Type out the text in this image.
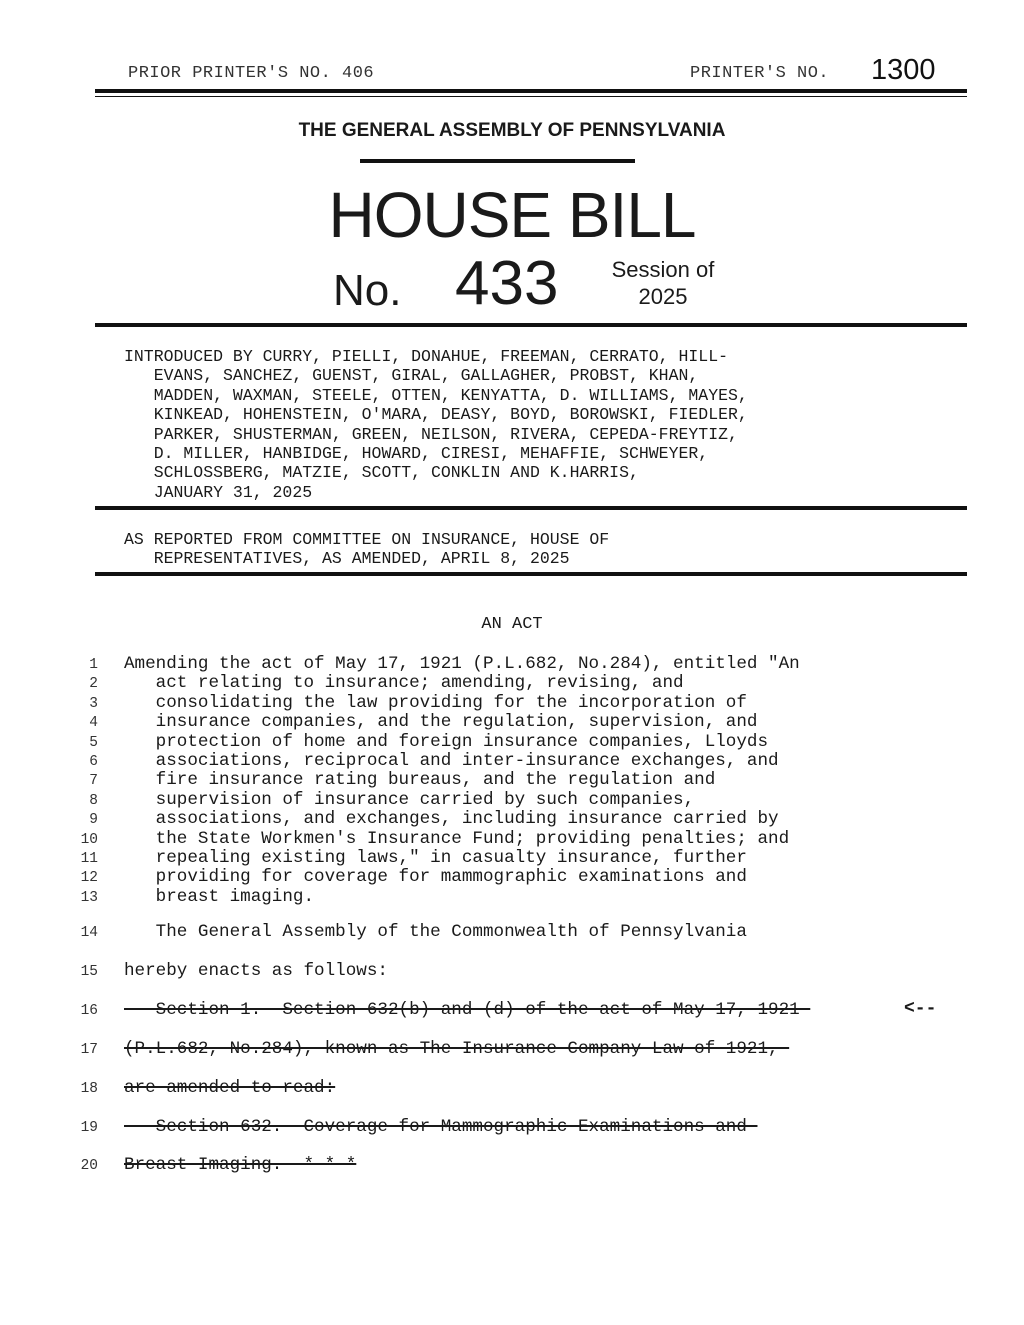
PRIOR PRINTER'S NO. 406	PRINTER'S NO. 1300
THE GENERAL ASSEMBLY OF PENNSYLVANIA
HOUSE BILL
No. 433 Session of
2025
INTRODUCED BY CURRY, PIELLI, DONAHUE, FREEMAN, CERRATO, HILL-
EVANS, SANCHEZ, GUENST, GIRAL, GALLAGHER, PROBST, KHAN,
MADDEN, WAXMAN, STEELE, OTTEN, KENYATTA, D. WILLIAMS, MAYES,
KINKEAD, HOHENSTEIN, O'MARA, DEASY, BOYD, BOROWSKI, FIEDLER,
PARKER, SHUSTERMAN, GREEN, NEILSON, RIVERA, CEPEDA-FREYTIZ,
D. MILLER, HANBIDGE, HOWARD, CIRESI, MEHAFFIE, SCHWEYER,
SCHLOSSBERG, MATZIE, SCOTT, CONKLIN AND K.HARRIS,
JANUARY 31, 2025
AS REPORTED FROM COMMITTEE ON INSURANCE, HOUSE OF
REPRESENTATIVES, AS AMENDED, APRIL 8, 2025
AN ACT
1 Amending the act of May 17, 1921 (P.L.682, No.284), entitled "An
2 act relating to insurance; amending, revising, and
3 consolidating the law providing for the incorporation of
4 insurance companies, and the regulation, supervision, and
5 protection of home and foreign insurance companies, Lloyds
6 associations, reciprocal and inter-insurance exchanges, and
7 fire insurance rating bureaus, and the regulation and
8 supervision of insurance carried by such companies,
9 associations, and exchanges, including insurance carried by
10 the State Workmen's Insurance Fund; providing penalties; and
11 repealing existing laws," in casualty insurance, further
12 providing for coverage for mammographic examinations and
13 breast imaging.
14 The General Assembly of the Commonwealth of Pennsylvania
15 hereby enacts as follows:
16 Section 1.  Section 632(b) and (d) of the act of May 17, 1921
17 (P.L.682, No.284), known as The Insurance Company Law of 1921,
18 are amended to read:
19 Section 632.  Coverage for Mammographic Examinations and
20 Breast Imaging.  * * *
<--
